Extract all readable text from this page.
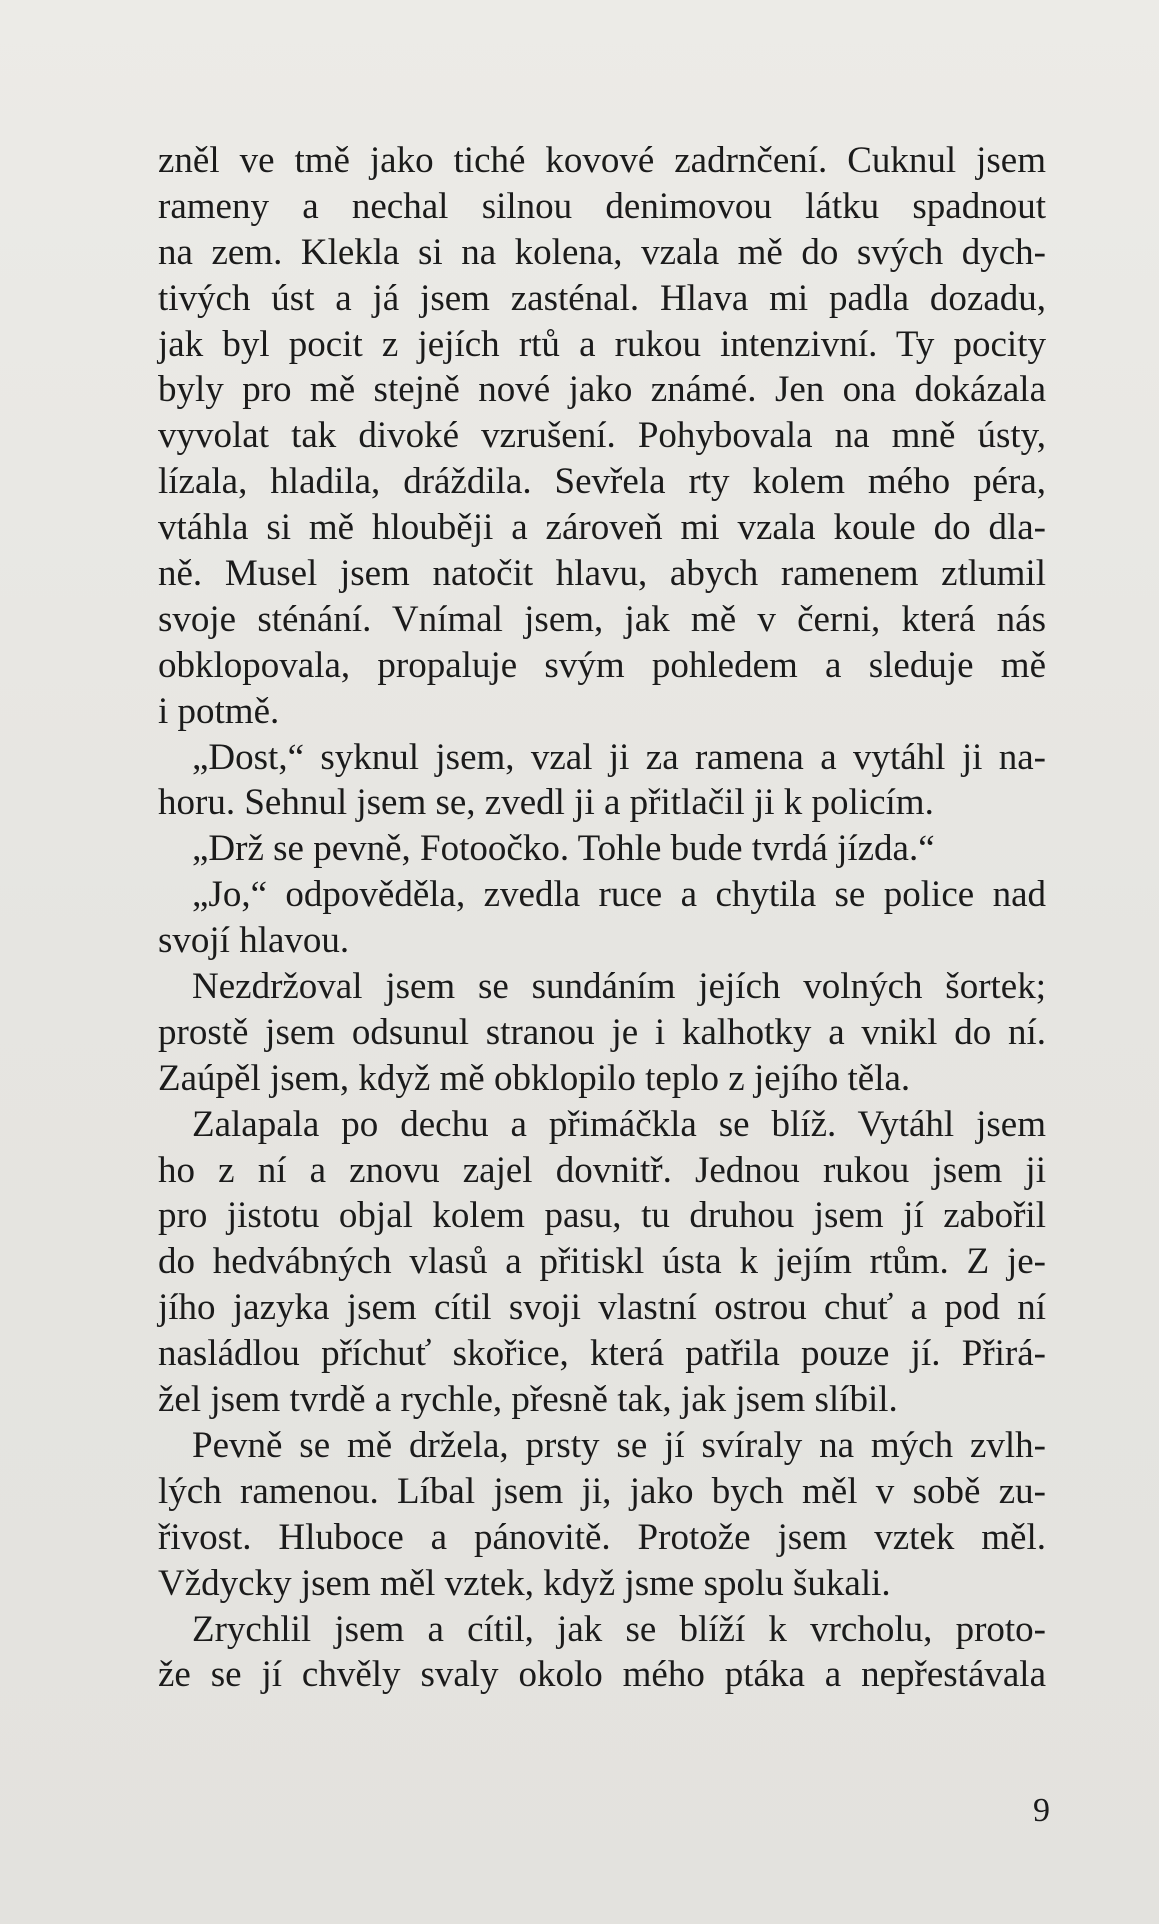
zněl ve tmě jako tiché kovové zadrnčení. Cuknul jsem
rameny a nechal silnou denimovou látku spadnout
na zem. Klekla si na kolena, vzala mě do svých dych-
tivých úst a já jsem zasténal. Hlava mi padla dozadu,
jak byl pocit z jejích rtů a rukou intenzivní. Ty pocity
byly pro mě stejně nové jako známé. Jen ona dokázala
vyvolat tak divoké vzrušení. Pohybovala na mně ústy,
lízala, hladila, dráždila. Sevřela rty kolem mého péra,
vtáhla si mě hlouběji a zároveň mi vzala koule do dla-
ně. Musel jsem natočit hlavu, abych ramenem ztlumil
svoje sténání. Vnímal jsem, jak mě v černi, která nás
obklopovala, propaluje svým pohledem a sleduje mě
i potmě.
„Dost,“ syknul jsem, vzal ji za ramena a vytáhl ji na-
horu. Sehnul jsem se, zvedl ji a přitlačil ji k policím.
„Drž se pevně, Fotoočko. Tohle bude tvrdá jízda.“
„Jo,“ odpověděla, zvedla ruce a chytila se police nad
svojí hlavou.
Nezdržoval jsem se sundáním jejích volných šortek;
prostě jsem odsunul stranou je i kalhotky a vnikl do ní.
Zaúpěl jsem, když mě obklopilo teplo z jejího těla.
Zalapala po dechu a přimáčkla se blíž. Vytáhl jsem
ho z ní a znovu zajel dovnitř. Jednou rukou jsem ji
pro jistotu objal kolem pasu, tu druhou jsem jí zabořil
do hedvábných vlasů a přitiskl ústa k jejím rtům. Z je-
jího jazyka jsem cítil svoji vlastní ostrou chuť a pod ní
nasládlou příchuť skořice, která patřila pouze jí. Přirá-
žel jsem tvrdě a rychle, přesně tak, jak jsem slíbil.
Pevně se mě držela, prsty se jí svíraly na mých zvlh-
lých ramenou. Líbal jsem ji, jako bych měl v sobě zu-
řivost. Hluboce a pánovitě. Protože jsem vztek měl.
Vždycky jsem měl vztek, když jsme spolu šukali.
Zrychlil jsem a cítil, jak se blíží k vrcholu, proto-
že se jí chvěly svaly okolo mého ptáka a nepřestávala
9
